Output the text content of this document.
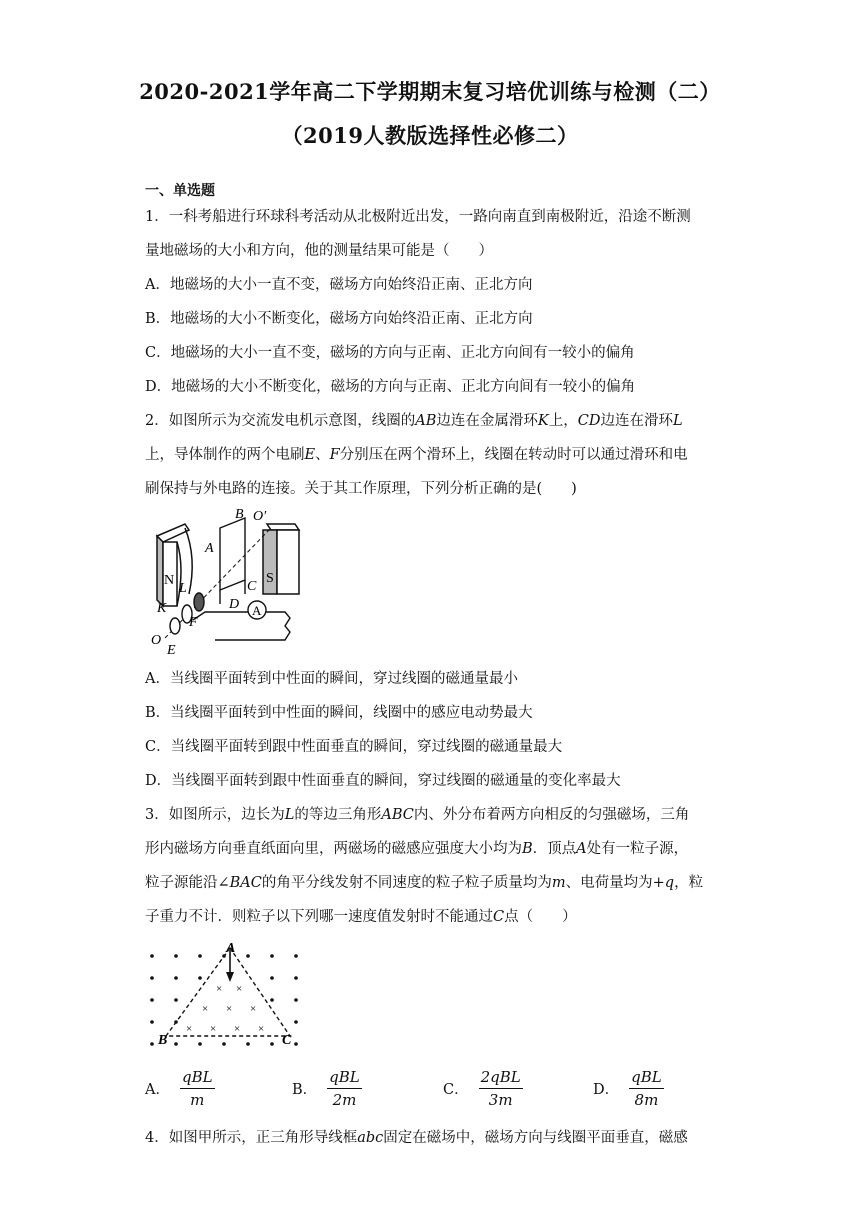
2020-2021学年高二下学期期末复习培优训练与检测（二）
（2019人教版选择性必修二）
一、单选题
1．一科考船进行环球科考活动从北极附近出发，一路向南直到南极附近，沿途不断测
量地磁场的大小和方向，他的测量结果可能是（　　）
A．地磁场的大小一直不变，磁场方向始终沿正南、正北方向
B．地磁场的大小不断变化，磁场方向始终沿正南、正北方向
C．地磁场的大小一直不变，磁场的方向与正南、正北方向间有一较小的偏角
D．地磁场的大小不断变化，磁场的方向与正南、正北方向间有一较小的偏角
2．如图所示为交流发电机示意图，线圈的AB边连在金属滑环K上，CD边连在滑环L
上，导体制作的两个电刷E、F分别压在两个滑环上，线圈在转动时可以通过滑环和电
刷保持与外电路的连接。关于其工作原理，下列分析正确的是(　　)
A
B O′
A
N	S
L	C
K	D
F
O
E
A．当线圈平面转到中性面的瞬间，穿过线圈的磁通量最小
B．当线圈平面转到中性面的瞬间，线圈中的感应电动势最大
C．当线圈平面转到跟中性面垂直的瞬间，穿过线圈的磁通量最大
D．当线圈平面转到跟中性面垂直的瞬间，穿过线圈的磁通量的变化率最大
3．如图所示，边长为L的等边三角形ABC内、外分布着两方向相反的匀强磁场，三角
形内磁场方向垂直纸面向里，两磁场的磁感应强度大小均为B．顶点A处有一粒子源，
粒子源能沿∠BAC的角平分线发射不同速度的粒子粒子质量均为m、电荷量均为+q，粒
子重力不计．则粒子以下列哪一速度值发射时不能通过C点（　　）
× ×
× × ×
× × × ×
A
B	C
A． $\frac{\text{qBL}}{m}$	B． $\frac{\text{qBL}}{2m}$	C． $\frac{\text{2qBL}}{3m}$	D． $\frac{\text{qBL}}{8m}$
4．如图甲所示，正三角形导线框abc固定在磁场中，磁场方向与线圈平面垂直，磁感
